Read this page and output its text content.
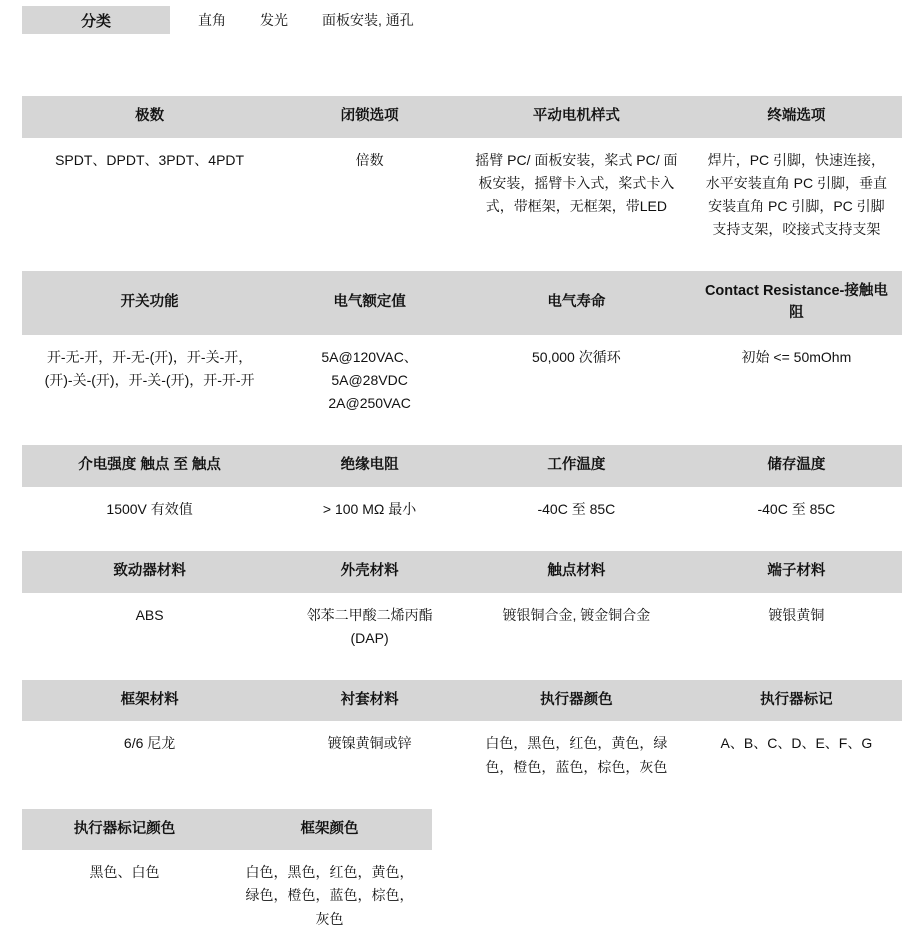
分类	直角 发光 面板安装, 通孔
极数	闭锁选项	平动电机样式	终端选项
SPDT、DPDT、3PDT、4PDT	倍数	摇臂 PC/ 面板安装，桨式 PC/ 面板安装，摇臂卡入式，桨式卡入式，带框架，无框架，带LED	焊片，PC 引脚，快速连接，水平安装直角 PC 引脚，垂直安装直角 PC 引脚，PC 引脚支持支架，咬接式支持支架
开关功能	电气额定值	电气寿命	Contact Resistance-接触电阻
开-无-开，开-无-(开)，开-关-开，(开)-关-(开)，开-关-(开)，开-开-开	5A@120VAC、5A@28VDC 2A@250VAC	50,000 次循环	初始 <= 50mOhm
介电强度 触点 至 触点	绝缘电阻	工作温度	储存温度
1500V 有效值	> 100 MΩ 最小	-40C 至 85C	-40C 至 85C
致动器材料	外壳材料	触点材料	端子材料
ABS	邻苯二甲酸二烯丙酯 (DAP)	镀银铜合金, 镀金铜合金	镀银黄铜
框架材料	衬套材料	执行器颜色	执行器标记
6/6 尼龙	镀镍黄铜或锌	白色，黑色，红色，黄色，绿色，橙色，蓝色，棕色，灰色	A、B、C、D、E、F、G
执行器标记颜色	框架颜色
黑色、白色	白色，黑色，红色，黄色，绿色，橙色，蓝色，棕色，灰色
